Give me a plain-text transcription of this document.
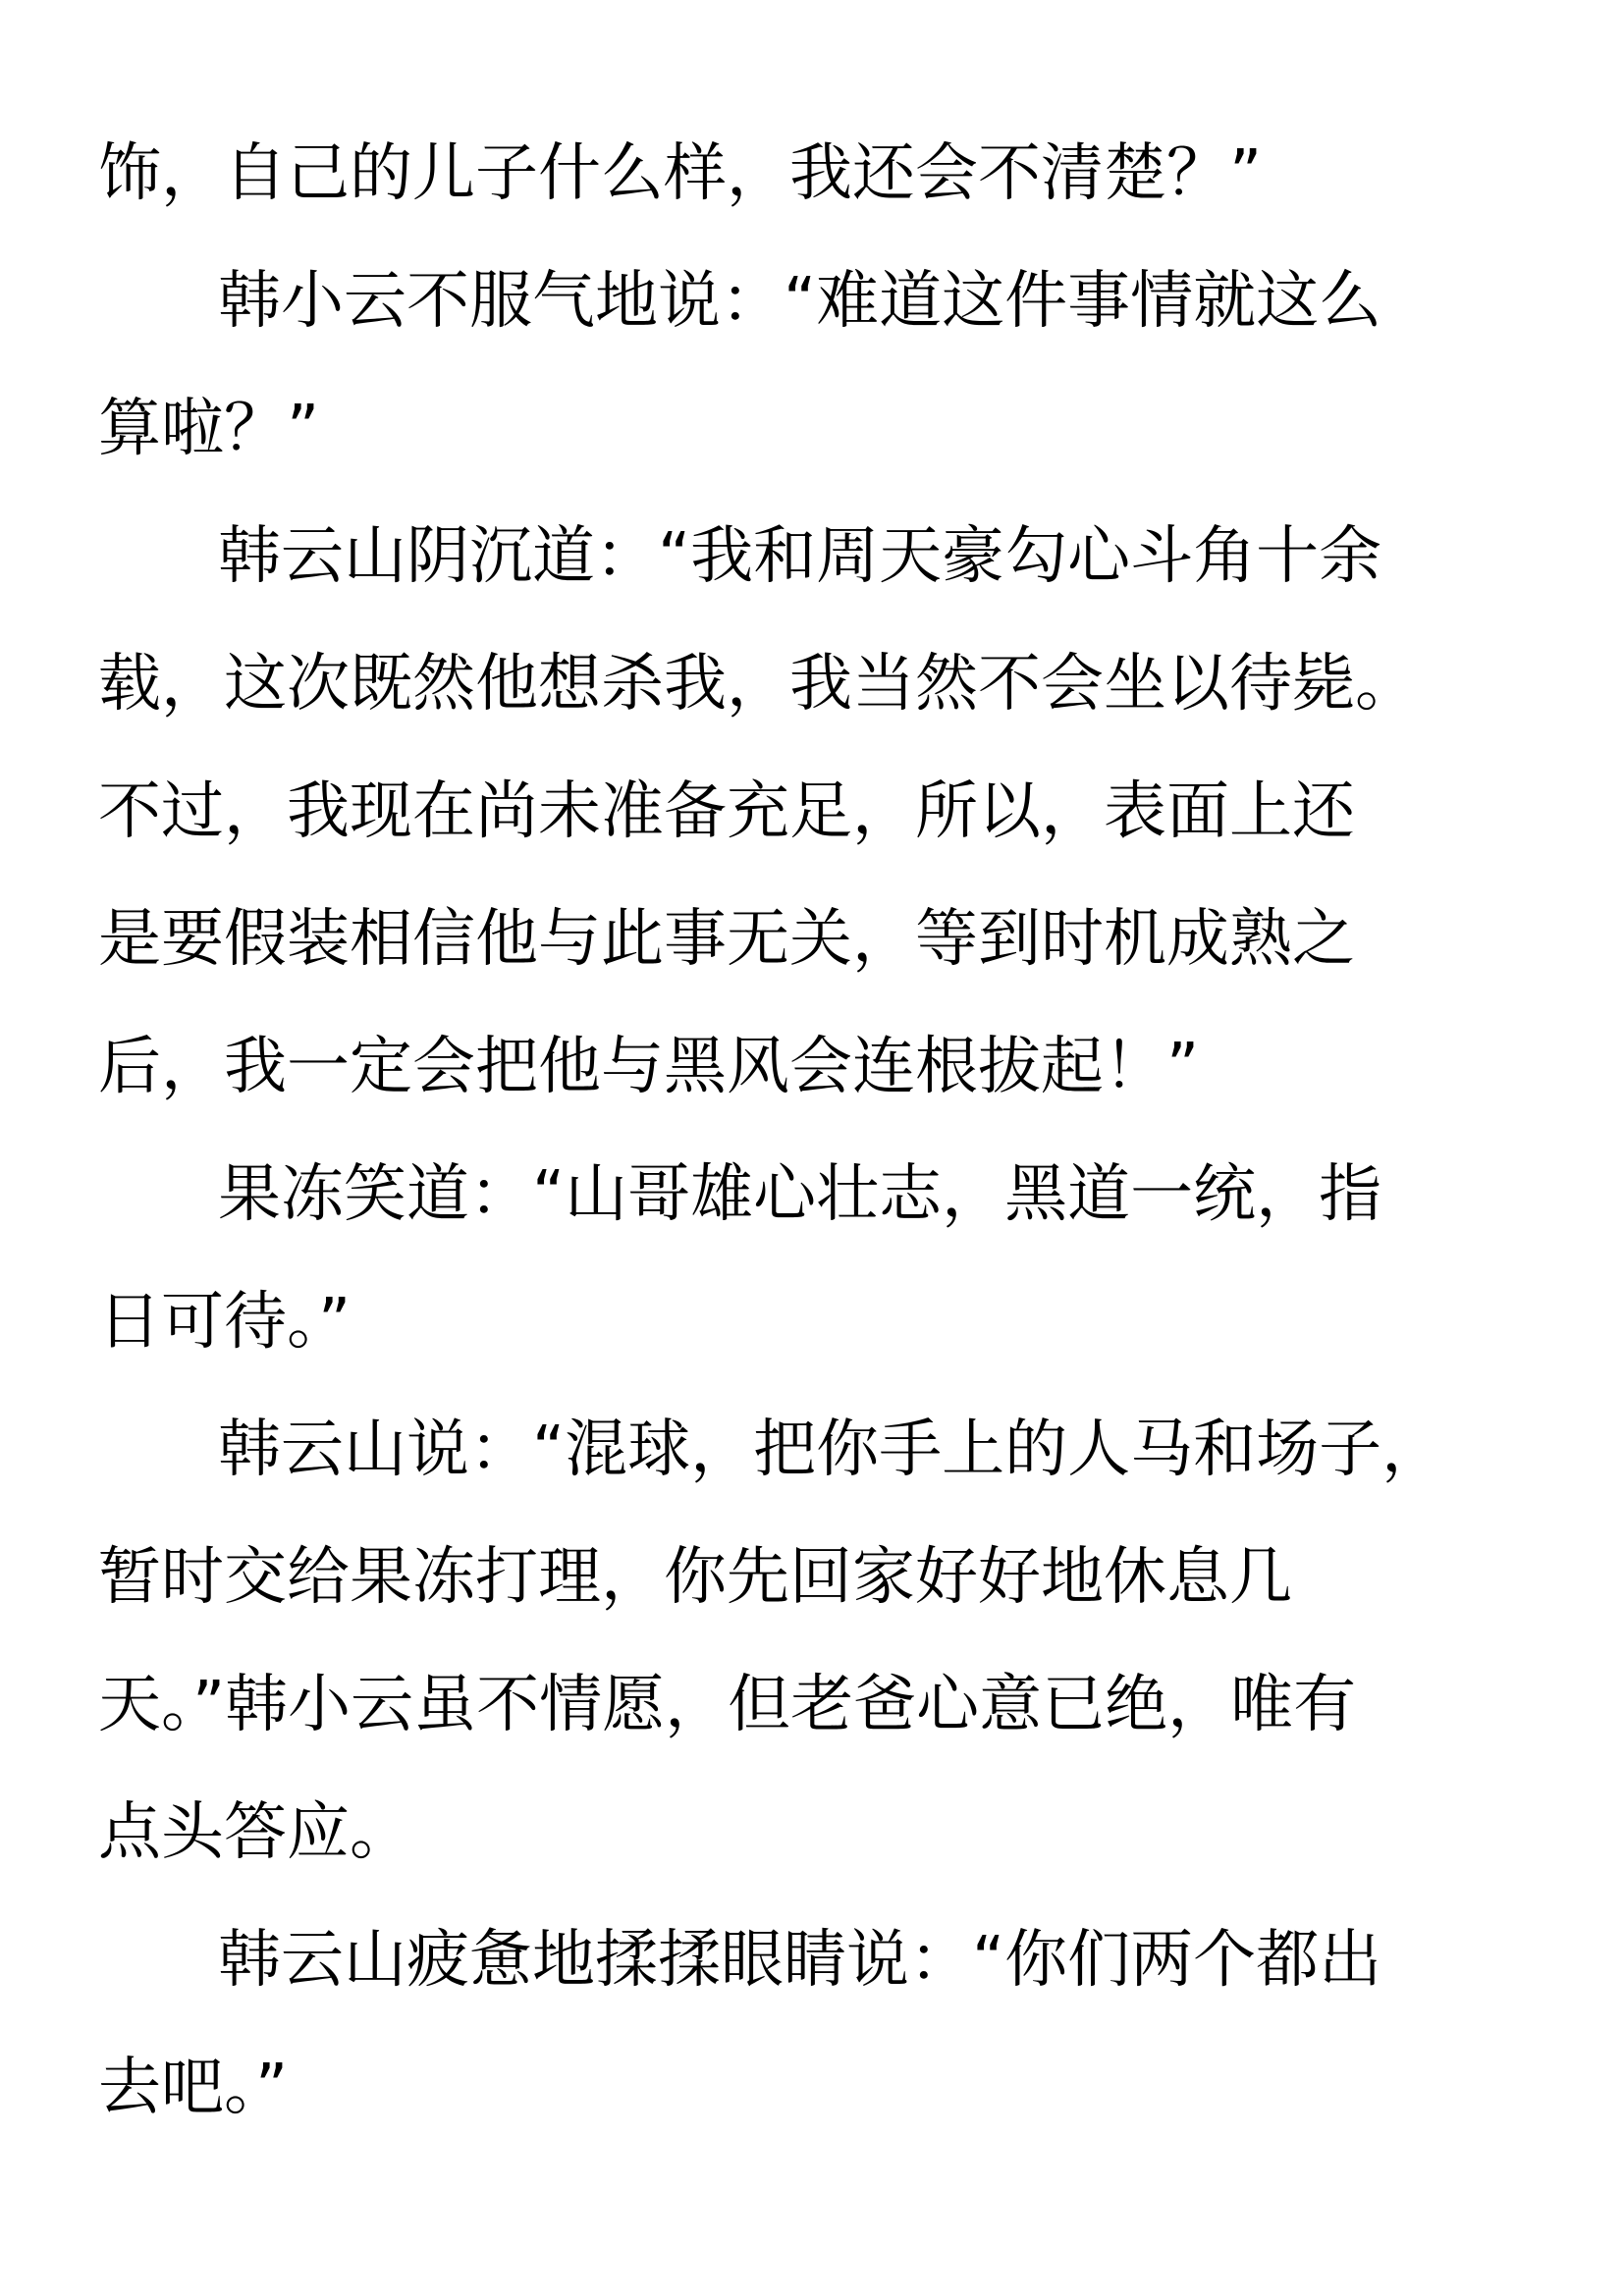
饰，自己的儿子什么样，我还会不清楚？”
韩小云不服气地说：“难道这件事情就这么
算啦？”
韩云山阴沉道：“我和周天豪勾心斗角十余
载，这次既然他想杀我，我当然不会坐以待毙。
不过，我现在尚未准备充足，所以，表面上还
是要假装相信他与此事无关，等到时机成熟之
后，我一定会把他与黑风会连根拔起！”
果冻笑道：“山哥雄心壮志，黑道一统，指
日可待。”
韩云山说：“混球，把你手上的人马和场子，
暂时交给果冻打理，你先回家好好地休息几
天。”韩小云虽不情愿，但老爸心意已绝，唯有
点头答应。
韩云山疲惫地揉揉眼睛说：“你们两个都出
去吧。”
